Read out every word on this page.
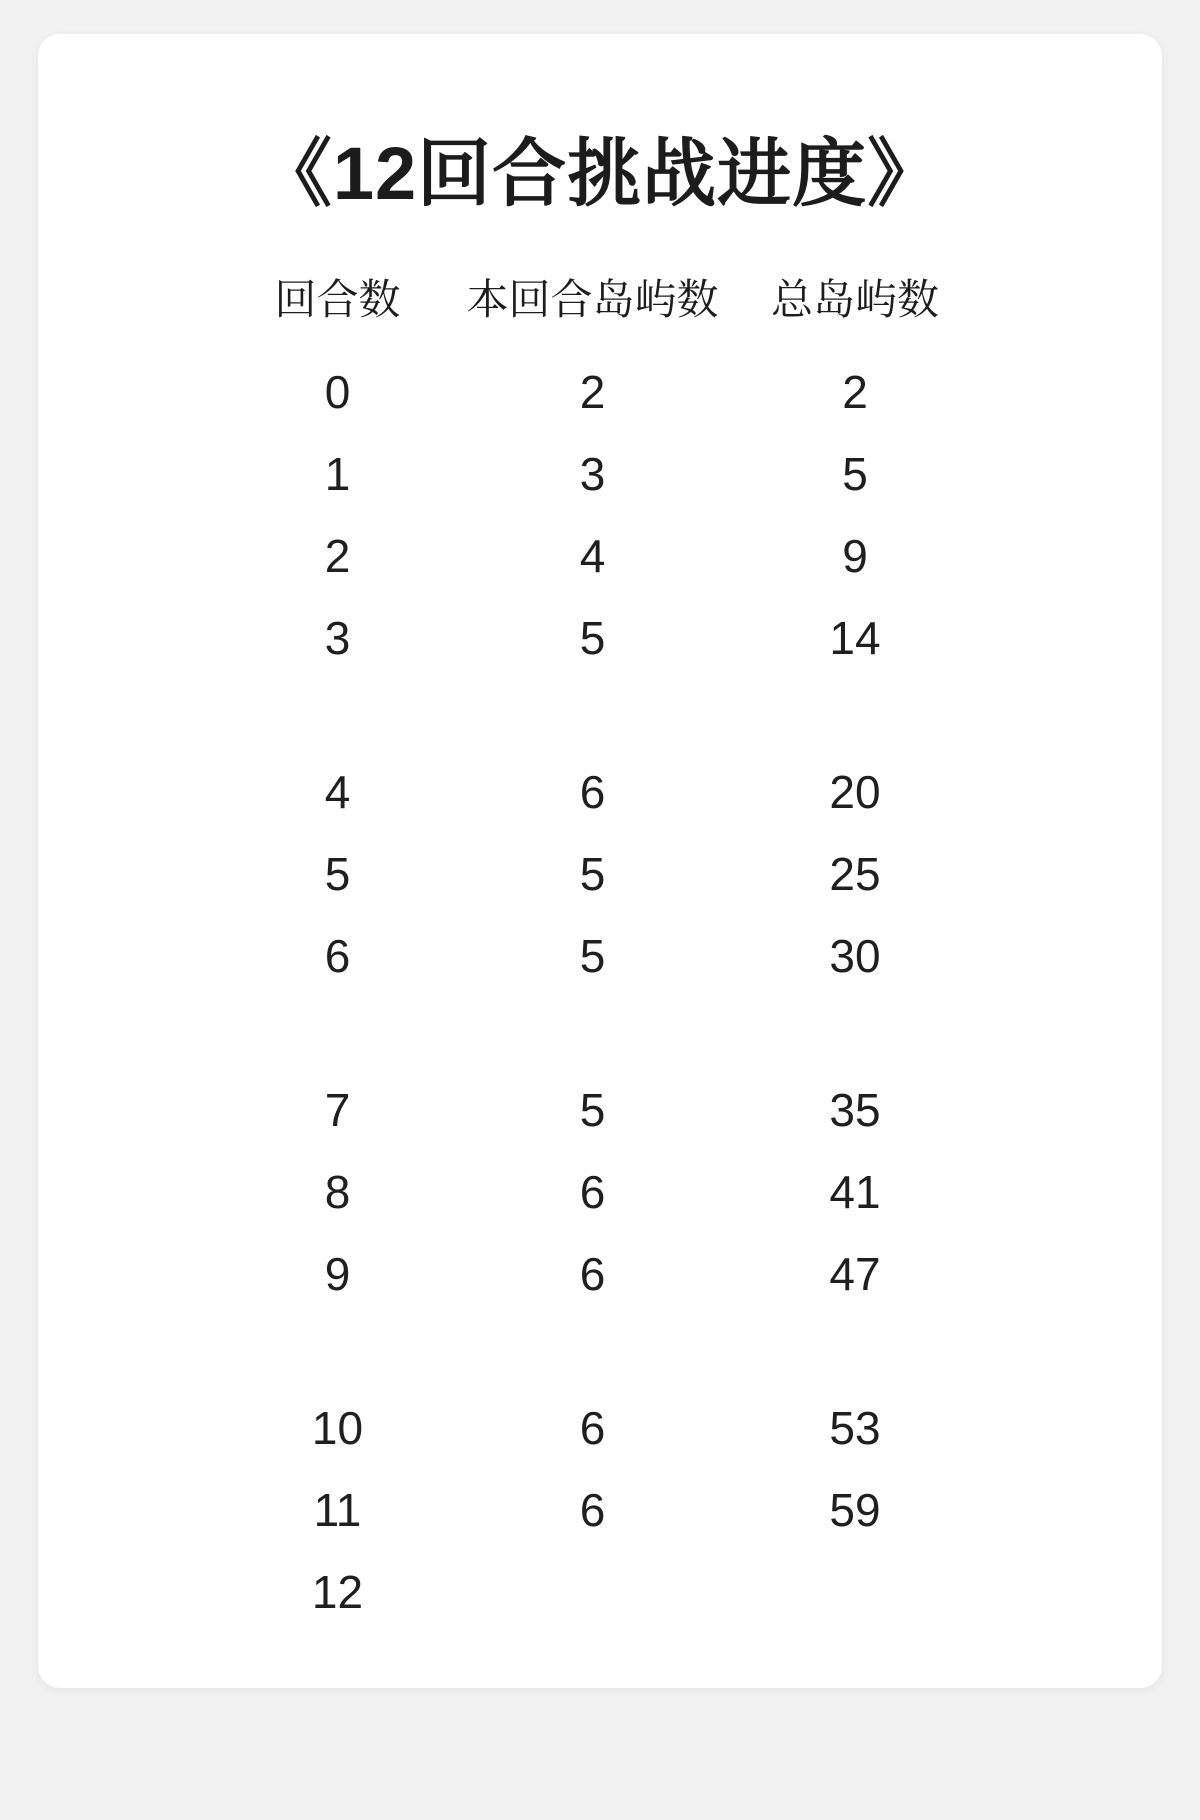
《12回合挑战进度》
回合数	本回合岛屿数	总岛屿数
0	2	2
1	3	5
2	4	9
3	5	14

4	6	20
5	5	25
6	5	30

7	5	35
8	6	41
9	6	47

10	6	53
11	6	59
12		
